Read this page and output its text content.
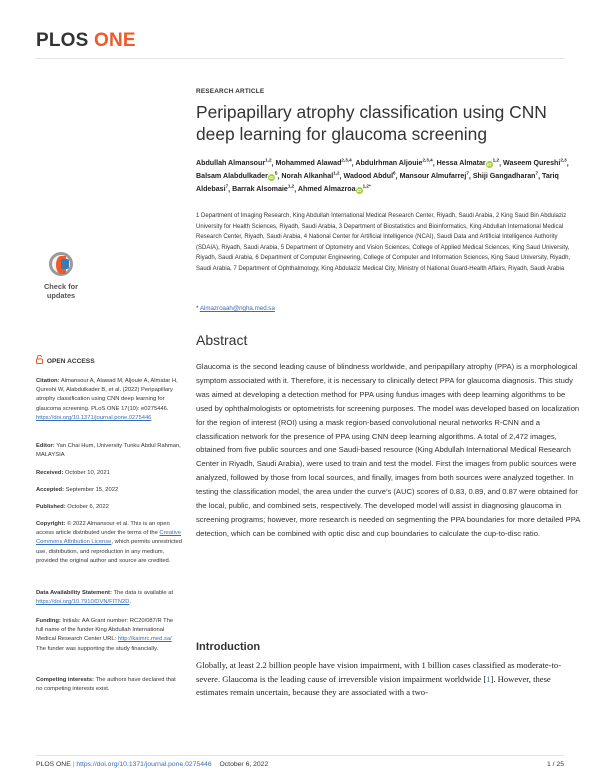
PLOS ONE
RESEARCH ARTICLE
Peripapillary atrophy classification using CNN deep learning for glaucoma screening
Abdullah Almansour$^{1,2}$, Mohammed Alawad$^{2,3,4}$, Abdulrhman Aljouie$^{2,3,4}$, Hessa AlmatariD$^{1,2}$, Waseem Qureshi$^{2,3}$, Balsam AlabdulkaderiD$^5$, Norah Alkanhal$^{1,2}$, Wadood Abdul$^6$, Mansour Almufarrej$^7$, Shiji Gangadharan$^7$, Tariq Aldebasi$^7$, Barrak Alsomaie$^{1,2}$, Ahmed AlmazroaiD$^{1,2*}$
1 Department of Imaging Research, King Abdullah International Medical Research Center, Riyadh, Saudi Arabia, 2 King Saud Bin Abdulaziz University for Health Sciences, Riyadh, Saudi Arabia, 3 Department of Biostatistics and Bioinformatics, King Abdullah International Medical Research Center, Riyadh, Saudi Arabia, 4 National Center for Artificial Intelligence (NCAI), Saudi Data and Artificial Intelligence Authority (SDAIA), Riyadh, Saudi Arabia, 5 Department of Optometry and Vision Sciences, College of Applied Medical Sciences, King Saud University, Riyadh, Saudi Arabia, 6 Department of Computer Engineering, College of Computer and Information Sciences, King Saud University, Riyadh, Saudi Arabia, 7 Department of Ophthalmology, King Abdulaziz Medical City, Ministry of National Guard-Health Affairs, Riyadh, Saudi Arabia
* Almazroaah@ngha.med.sa
Check for
updates
OPEN ACCESS
Citation: Almansour A, Alawad M, Aljouie A, Almatar H, Qureshi W, Alabdulkader B, et al. (2022) Peripapillary atrophy classification using CNN deep learning for glaucoma screening. PLoS ONE 17(10): e0275446. https://doi.org/10.1371/journal.pone.0275446
Editor: Yan Chai Hum, University Tunku Abdul Rahman, MALAYSIA
Received: October 10, 2021
Accepted: September 15, 2022
Published: October 6, 2022
Copyright: © 2022 Almansour et al. This is an open access article distributed under the terms of the Creative Commons Attribution License, which permits unrestricted use, distribution, and reproduction in any medium, provided the original author and source are credited.
Data Availability Statement: The data is available at https://doi.org/10.7910/DVN/FITN2D.
Funding: Initials: AA Grant number: RC20/087/R The full name of the funder King Abdullah International Medical Research Center URL: http://kaimrc.med.sa/ The funder was supporting the study financially.
Competing interests: The authors have declared that no competing interests exist.
Abstract

Glaucoma is the second leading cause of blindness worldwide, and peripapillary atrophy (PPA) is a morphological symptom associated with it. Therefore, it is necessary to clinically detect PPA for glaucoma diagnosis. This study was aimed at developing a detection method for PPA using fundus images with deep learning algorithms to be used by ophthalmologists or optometrists for screening purposes. The model was developed based on localization for the region of interest (ROI) using a mask region-based convolutional neural networks R-CNN and a classification network for the presence of PPA using CNN deep learning algorithms. A total of 2,472 images, obtained from five public sources and one Saudi-based resource (King Abdullah International Medical Research Center in Riyadh, Saudi Arabia), were used to train and test the model. First the images from public sources were analyzed, followed by those from local sources, and finally, images from both sources were analyzed together. In testing the classification model, the area under the curve’s (AUC) scores of 0.83, 0.89, and 0.87 were obtained for the local, public, and combined sets, respectively. The developed model will assist in diagnosing glaucoma in screening programs; however, more research is needed on segmenting the PPA boundaries for more detailed PPA detection, which can be combined with optic disc and cup boundaries to calculate the cup-to-disc ratio.

Introduction

Globally, at least 2.2 billion people have vision impairment, with 1 billion cases classified as moderate-to-severe. Glaucoma is the leading cause of irreversible vision impairment worldwide [1]. However, these estimates remain uncertain, because they are associated with a two-

PLOS ONE | https://doi.org/10.1371/journal.pone.0275446 October 6, 2022	1 / 25
